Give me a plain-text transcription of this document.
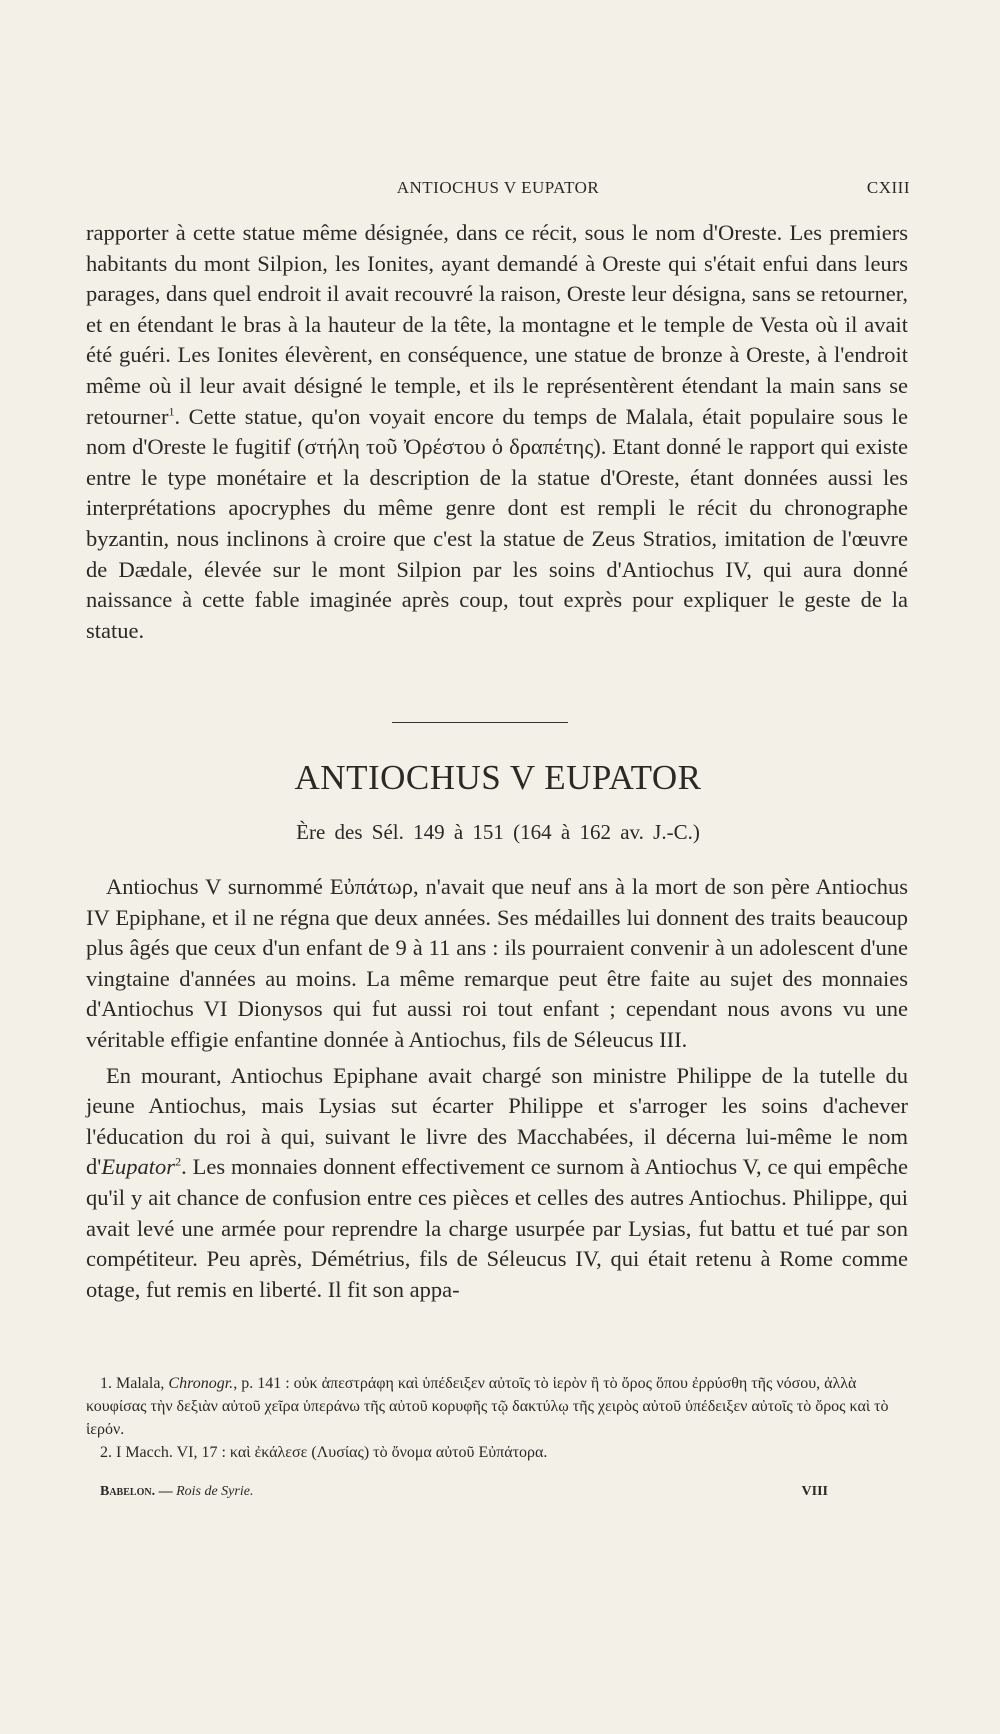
ANTIOCHUS V EUPATOR	CXIII

rapporter à cette statue même désignée, dans ce récit, sous le nom d'Oreste. Les premiers habitants du mont Silpion, les Ionites, ayant demandé à Oreste qui s'était enfui dans leurs parages, dans quel endroit il avait recouvré la raison, Oreste leur désigna, sans se retourner, et en étendant le bras à la hauteur de la tête, la montagne et le temple de Vesta où il avait été guéri. Les Ionites élevèrent, en conséquence, une statue de bronze à Oreste, à l'endroit même où il leur avait désigné le temple, et ils le représentèrent étendant la main sans se retourner$^1$. Cette statue, qu'on voyait encore du temps de Malala, était populaire sous le nom d'Oreste le fugitif (στήλη τοῦ Ὀρέστου ὁ δραπέτης). Etant donné le rapport qui existe entre le type monétaire et la description de la statue d'Oreste, étant données aussi les interprétations apocryphes du même genre dont est rempli le récit du chronographe byzantin, nous inclinons à croire que c'est la statue de Zeus Stratios, imitation de l'œuvre de Dædale, élevée sur le mont Silpion par les soins d'Antiochus IV, qui aura donné naissance à cette fable imaginée après coup, tout exprès pour expliquer le geste de la statue.

ANTIOCHUS V EUPATOR
Ère des Sél. 149 à 151 (164 à 162 av. J.-C.)

Antiochus V surnommé Εὐπάτωρ, n'avait que neuf ans à la mort de son père Antiochus IV Epiphane, et il ne régna que deux années. Ses médailles lui donnent des traits beaucoup plus âgés que ceux d'un enfant de 9 à 11 ans : ils pourraient convenir à un adolescent d'une vingtaine d'années au moins. La même remarque peut être faite au sujet des monnaies d'Antiochus VI Dionysos qui fut aussi roi tout enfant ; cependant nous avons vu une véritable effigie enfantine donnée à Antiochus, fils de Séleucus III.

En mourant, Antiochus Epiphane avait chargé son ministre Philippe de la tutelle du jeune Antiochus, mais Lysias sut écarter Philippe et s'arroger les soins d'achever l'éducation du roi à qui, suivant le livre des Macchabées, il décerna lui-même le nom d'Eupator$^2$. Les monnaies donnent effectivement ce surnom à Antiochus V, ce qui empêche qu'il y ait chance de confusion entre ces pièces et celles des autres Antiochus. Philippe, qui avait levé une armée pour reprendre la charge usurpée par Lysias, fut battu et tué par son compétiteur. Peu après, Démétrius, fils de Séleucus IV, qui était retenu à Rome comme otage, fut remis en liberté. Il fit son appa-

1. Malala, Chronogr., p. 141 : οὐκ ἀπεστράφη καὶ ὑπέδειξεν αὐτοῖς τὸ ἱερὸν ἢ τὸ ὄρος ὅπου ἐρρύσθη τῆς νόσου, ἀλλὰ κουφίσας τὴν δεξιὰν αὐτοῦ χεῖρα ὑπεράνω τῆς αὐτοῦ κορυφῆς τῷ δακτύλῳ τῆς χειρὸς αὐτοῦ ὑπέδειξεν αὐτοῖς τὸ ὄρος καὶ τὸ ἱερόν.

2. I Macch. VI, 17 : καὶ ἐκάλεσε (Λυσίας) τὸ ὄνομα αὐτοῦ Εὐπάτορα.

Babelon. — Rois de Syrie.	VIII
